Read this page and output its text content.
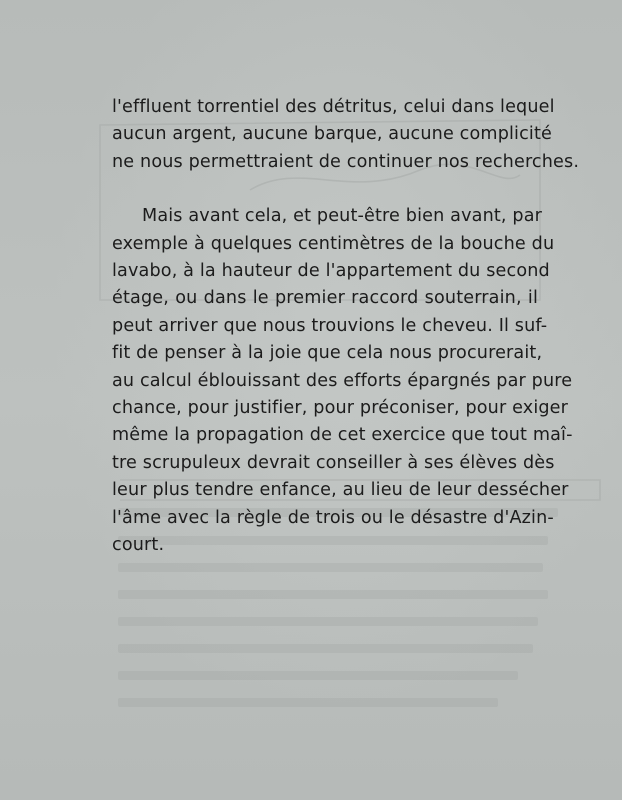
l'effluent torrentiel des détritus, celui dans lequel
aucun argent, aucune barque, aucune complicité
ne nous permettraient de continuer nos recherches.
Mais avant cela, et peut-être bien avant, par
exemple à quelques centimètres de la bouche du
lavabo, à la hauteur de l'appartement du second
étage, ou dans le premier raccord souterrain, il
peut arriver que nous trouvions le cheveu. Il suf-
fit de penser à la joie que cela nous procurerait,
au calcul éblouissant des efforts épargnés par pure
chance, pour justifier, pour préconiser, pour exiger
même la propagation de cet exercice que tout maî-
tre scrupuleux devrait conseiller à ses élèves dès
leur plus tendre enfance, au lieu de leur dessécher
l'âme avec la règle de trois ou le désastre d'Azin-
court.
